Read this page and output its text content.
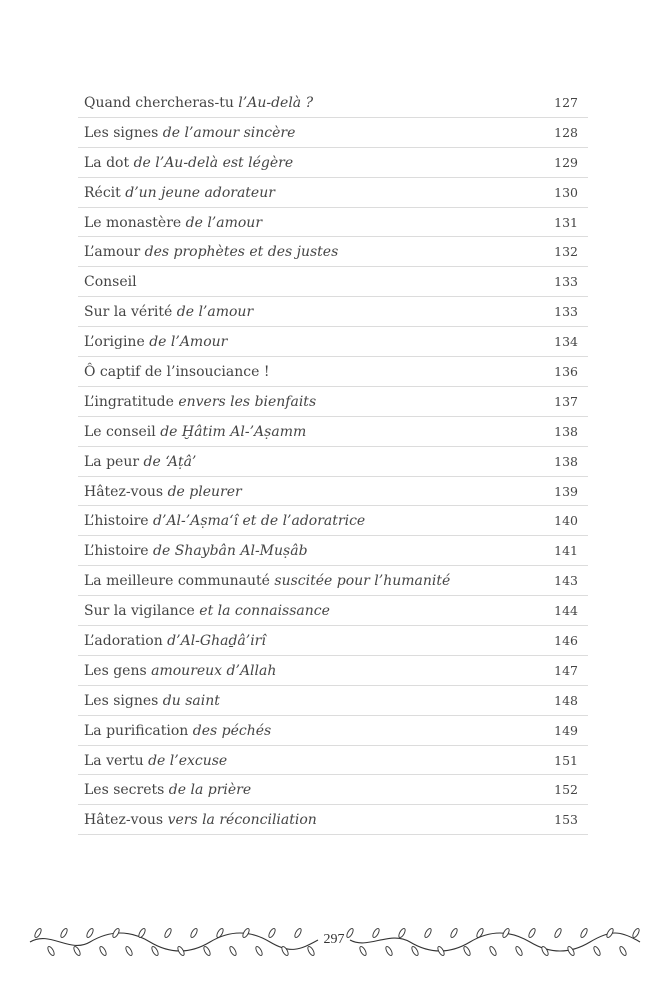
Quand chercheras-tu l’Au-delà ?	127
Les signes de l’amour sincère	128
La dot de l’Au-delà est légère	129
Récit d’un jeune adorateur	130
Le monastère de l’amour	131
L’amour des prophètes et des justes	132
Conseil	133
Sur la vérité de l’amour	133
L’origine de l’Amour	134
Ô captif de l’insouciance !	136
L’ingratitude envers les bienfaits	137
Le conseil de Ḫâtim Al-’Aṣamm	138
La peur de ‘Aṭâ’	138
Hâtez-vous de pleurer	139
L’histoire d’Al-’Aṣma‘î et de l’adoratrice	140
L’histoire de Shaybân Al-Muṣâb	141
La meilleure communauté suscitée pour l’humanité	143
Sur la vigilance et la connaissance	144
L’adoration d’Al-Ghaḏâ’irî	146
Les gens amoureux d’Allah	147
Les signes du saint	148
La purification des péchés	149
La vertu de l’excuse	151
Les secrets de la prière	152
Hâtez-vous vers la réconciliation	153
297
